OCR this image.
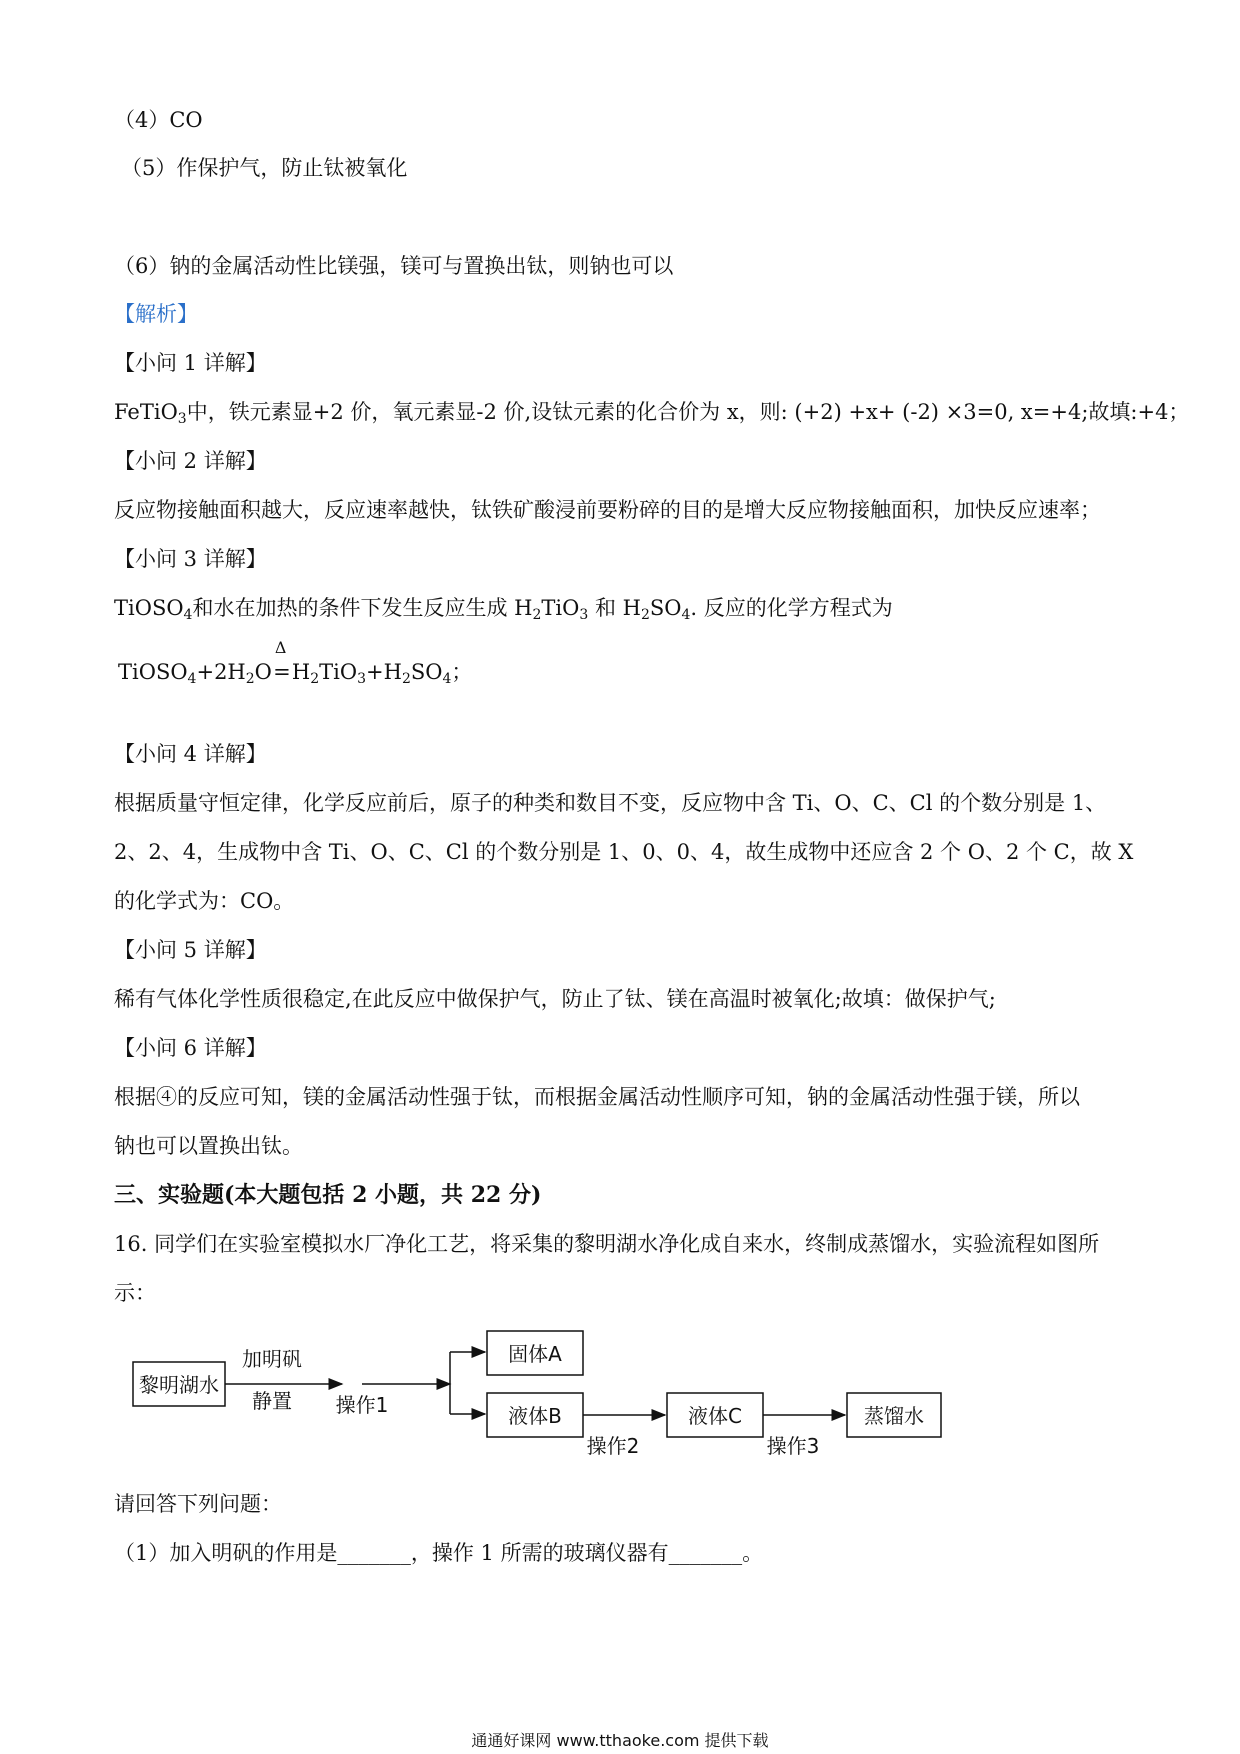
（4）CO
（5）作保护气，防止钛被氧化
（6）钠的金属活动性比镁强，镁可与置换出钛，则钠也可以
【解析】
【小问 1 详解】
FeTiO$_3$中，铁元素显+2 价，氧元素显-2 价,设钛元素的化合价为 x，则: (+2) +x+ (-2) ×3=0, x=+4;故填:+4；
【小问 2 详解】
反应物接触面积越大，反应速率越快，钛铁矿酸浸前要粉碎的目的是增大反应物接触面积，加快反应速率；
【小问 3 详解】
TiOSO$_4$和水在加热的条件下发生反应生成 $H_2TiO_3$ 和 $H_2SO_4$. 反应的化学方程式为
$TiOSO_4+2H_2O$
Δ
$=H_2TiO_3+H_2SO_4$；
【小问 4 详解】
根据质量守恒定律，化学反应前后，原子的种类和数目不变，反应物中含 Ti、O、C、Cl 的个数分别是 1、
2、2、4，生成物中含 Ti、O、C、Cl 的个数分别是 1、0、0、4，故生成物中还应含 2 个 O、2 个 C，故 X
的化学式为：CO。
【小问 5 详解】
稀有气体化学性质很稳定,在此反应中做保护气，防止了钛、镁在高温时被氧化;故填：做保护气;
【小问 6 详解】
根据④的反应可知，镁的金属活动性强于钛，而根据金属活动性顺序可知，钠的金属活动性强于镁，所以
钠也可以置换出钛。
三、实验题(本大题包括 2 小题，共 22 分)
16. 同学们在实验室模拟水厂净化工艺，将采集的黎明湖水净化成自来水，终制成蒸馏水，实验流程如图所
示：
黎明湖水
加明矾
静置 操作1
固体A
液体B
操作2
液体C
操作3
蒸馏水
请回答下列问题：
（1）加入明矾的作用是_______，操作 1 所需的玻璃仪器有_______。
通通好课网 www.tthaoke.com 提供下载
